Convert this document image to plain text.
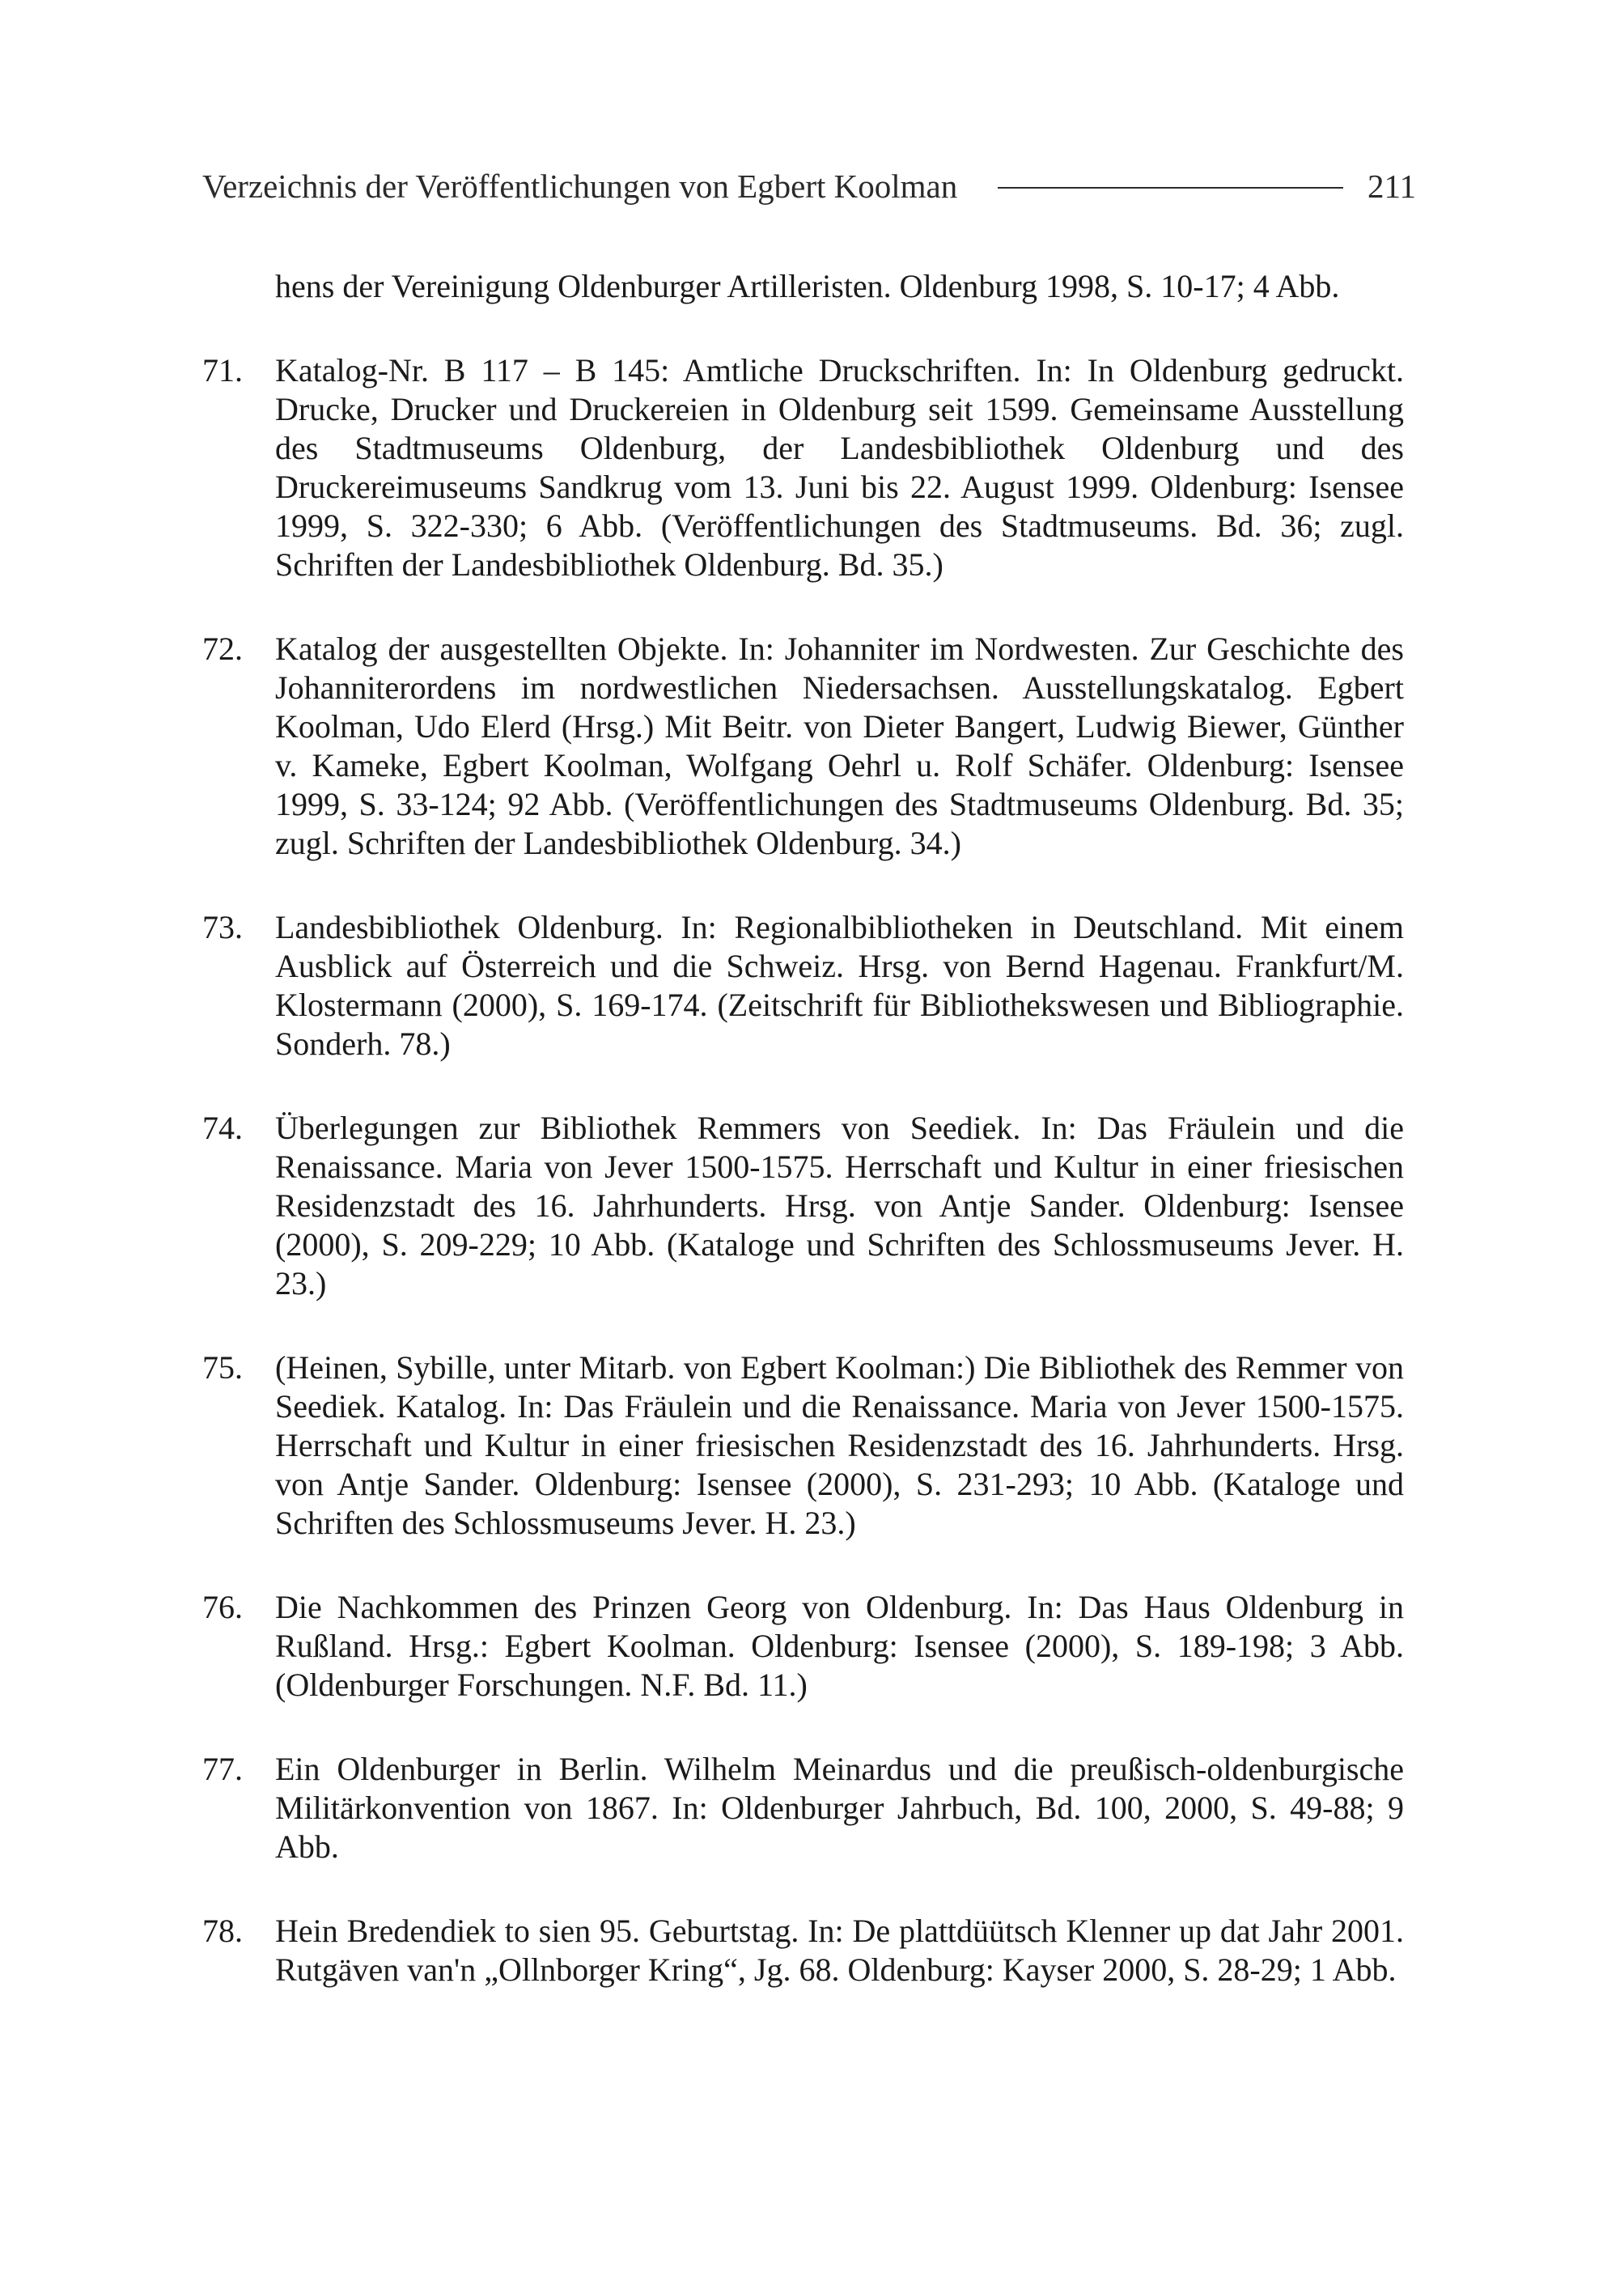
Verzeichnis der Veröffentlichungen von Egbert Koolman	211
hens der Vereinigung Oldenburger Artilleristen. Oldenburg 1998, S. 10-17; 4 Abb.
71.	Katalog-Nr. B 117 – B 145: Amtliche Druckschriften. In: In Oldenburg gedruckt. Drucke, Drucker und Druckereien in Oldenburg seit 1599. Gemeinsame Ausstellung des Stadtmuseums Oldenburg, der Landesbibliothek Oldenburg und des Druckereimuseums Sandkrug vom 13. Juni bis 22. August 1999. Oldenburg: Isensee 1999, S. 322-330; 6 Abb. (Veröffentlichungen des Stadtmuseums. Bd. 36; zugl. Schriften der Landesbibliothek Oldenburg. Bd. 35.)
72.	Katalog der ausgestellten Objekte. In: Johanniter im Nordwesten. Zur Geschichte des Johanniterordens im nordwestlichen Niedersachsen. Ausstellungskatalog. Egbert Koolman, Udo Elerd (Hrsg.) Mit Beitr. von Dieter Bangert, Ludwig Biewer, Günther v. Kameke, Egbert Koolman, Wolfgang Oehrl u. Rolf Schäfer. Oldenburg: Isensee 1999, S. 33-124; 92 Abb. (Veröffentlichungen des Stadtmuseums Oldenburg. Bd. 35; zugl. Schriften der Landesbibliothek Oldenburg. 34.)
73.	Landesbibliothek Oldenburg. In: Regionalbibliotheken in Deutschland. Mit einem Ausblick auf Österreich und die Schweiz. Hrsg. von Bernd Hagenau. Frankfurt/M. Klostermann (2000), S. 169-174. (Zeitschrift für Bibliothekswesen und Bibliographie. Sonderh. 78.)
74.	Überlegungen zur Bibliothek Remmers von Seediek. In: Das Fräulein und die Renaissance. Maria von Jever 1500-1575. Herrschaft und Kultur in einer friesischen Residenzstadt des 16. Jahrhunderts. Hrsg. von Antje Sander. Oldenburg: Isensee (2000), S. 209-229; 10 Abb. (Kataloge und Schriften des Schlossmuseums Jever. H. 23.)
75.	(Heinen, Sybille, unter Mitarb. von Egbert Koolman:) Die Bibliothek des Remmer von Seediek. Katalog. In: Das Fräulein und die Renaissance. Maria von Jever 1500-1575. Herrschaft und Kultur in einer friesischen Residenzstadt des 16. Jahrhunderts. Hrsg. von Antje Sander. Oldenburg: Isensee (2000), S. 231-293; 10 Abb. (Kataloge und Schriften des Schlossmuseums Jever. H. 23.)
76.	Die Nachkommen des Prinzen Georg von Oldenburg. In: Das Haus Oldenburg in Rußland. Hrsg.: Egbert Koolman. Oldenburg: Isensee (2000), S. 189-198; 3 Abb. (Oldenburger Forschungen. N.F. Bd. 11.)
77.	Ein Oldenburger in Berlin. Wilhelm Meinardus und die preußisch-oldenburgische Militärkonvention von 1867. In: Oldenburger Jahrbuch, Bd. 100, 2000, S. 49-88; 9 Abb.
78.	Hein Bredendiek to sien 95. Geburtstag. In: De plattdüütsch Klenner up dat Jahr 2001. Rutgäven van'n „Ollnborger Kring“, Jg. 68. Oldenburg: Kayser 2000, S. 28-29; 1 Abb.
